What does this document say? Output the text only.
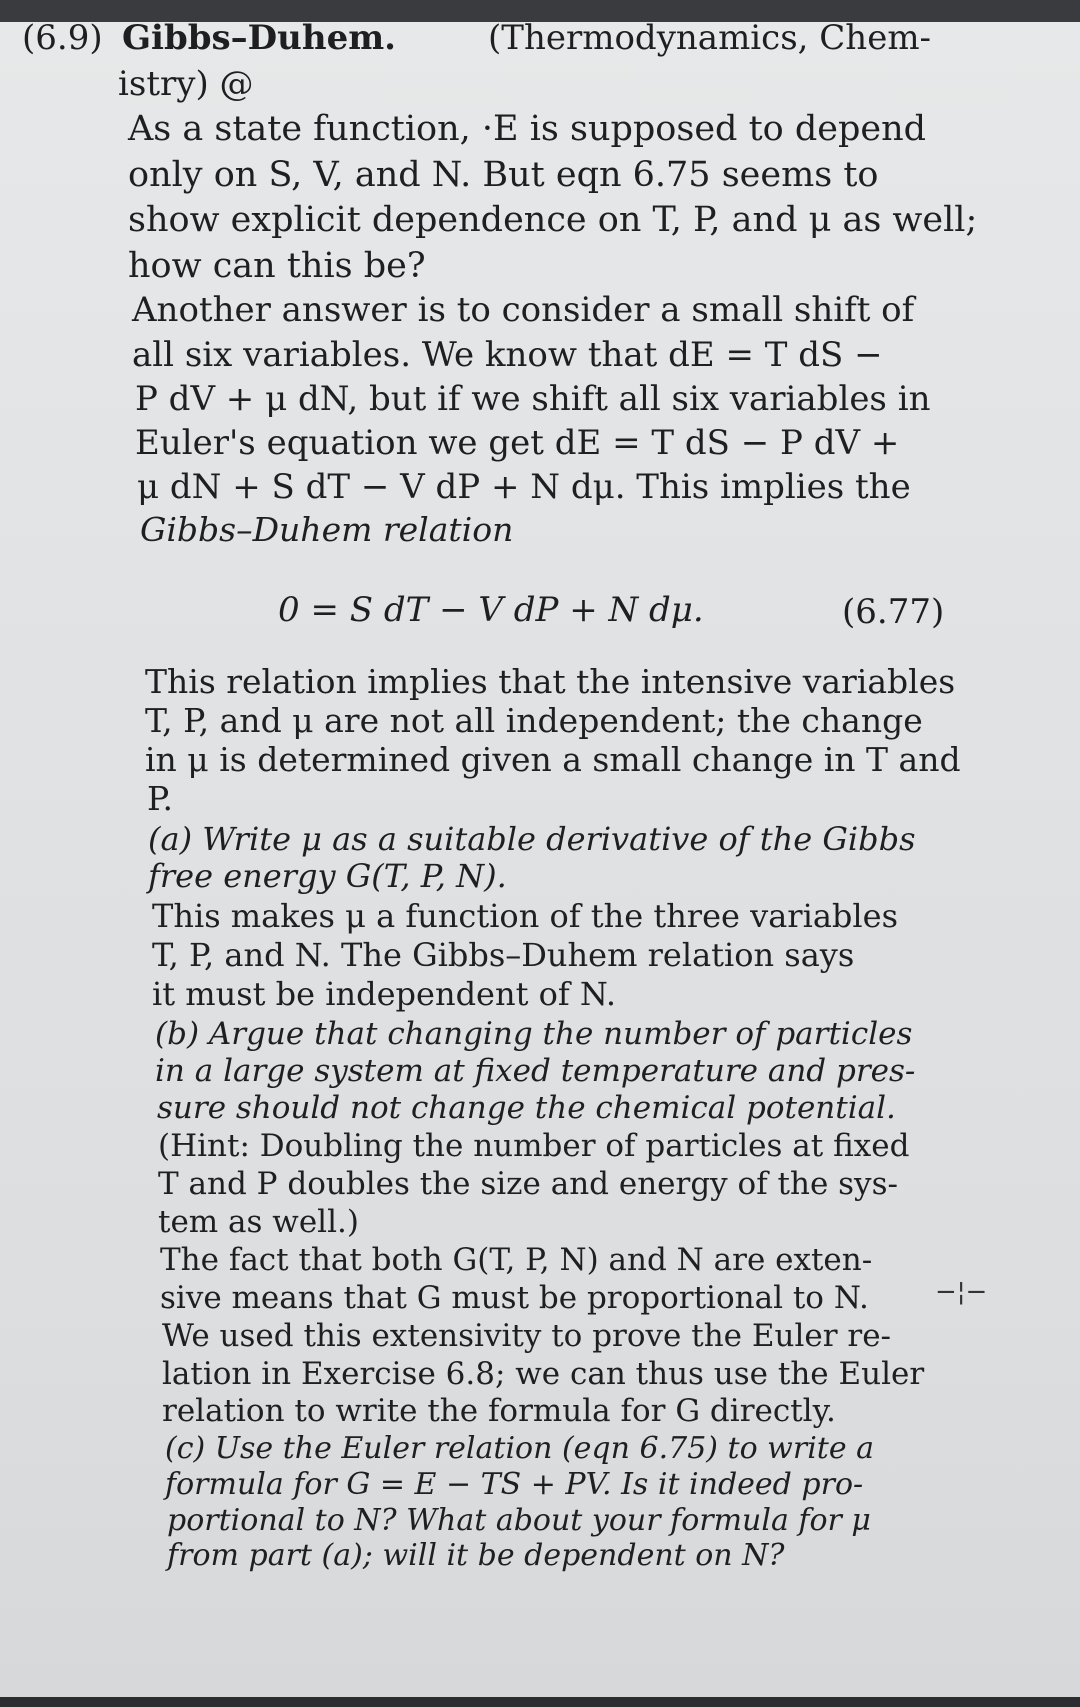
(6.9) Gibbs–Duhem.	(Thermodynamics, Chem-
istry) @
As a state function, ·E is supposed to depend
only on S, V, and N. But eqn 6.75 seems to
show explicit dependence on T, P, and μ as well;
how can this be?
Another answer is to consider a small shift of
all six variables. We know that dE = T dS −
P dV + μ dN, but if we shift all six variables in
Euler's equation we get dE = T dS − P dV +
μ dN + S dT − V dP + N dμ. This implies the
Gibbs–Duhem relation
0 = S dT − V dP + N dμ.	(6.77)
This relation implies that the intensive variables
T, P, and μ are not all independent; the change
in μ is determined given a small change in T and
P.
(a) Write μ as a suitable derivative of the Gibbs
free energy G(T, P, N).
This makes μ a function of the three variables
T, P, and N. The Gibbs–Duhem relation says
it must be independent of N.
(b) Argue that changing the number of particles
in a large system at fixed temperature and pres-
sure should not change the chemical potential.
(Hint: Doubling the number of particles at fixed
T and P doubles the size and energy of the sys-
tem as well.)
The fact that both G(T, P, N) and N are exten-
sive means that G must be proportional to N.
We used this extensivity to prove the Euler re-
lation in Exercise 6.8; we can thus use the Euler
relation to write the formula for G directly.
(c) Use the Euler relation (eqn 6.75) to write a
formula for G = E − TS + PV. Is it indeed pro-
portional to N? What about your formula for μ
from part (a); will it be dependent on N?
−¦−
